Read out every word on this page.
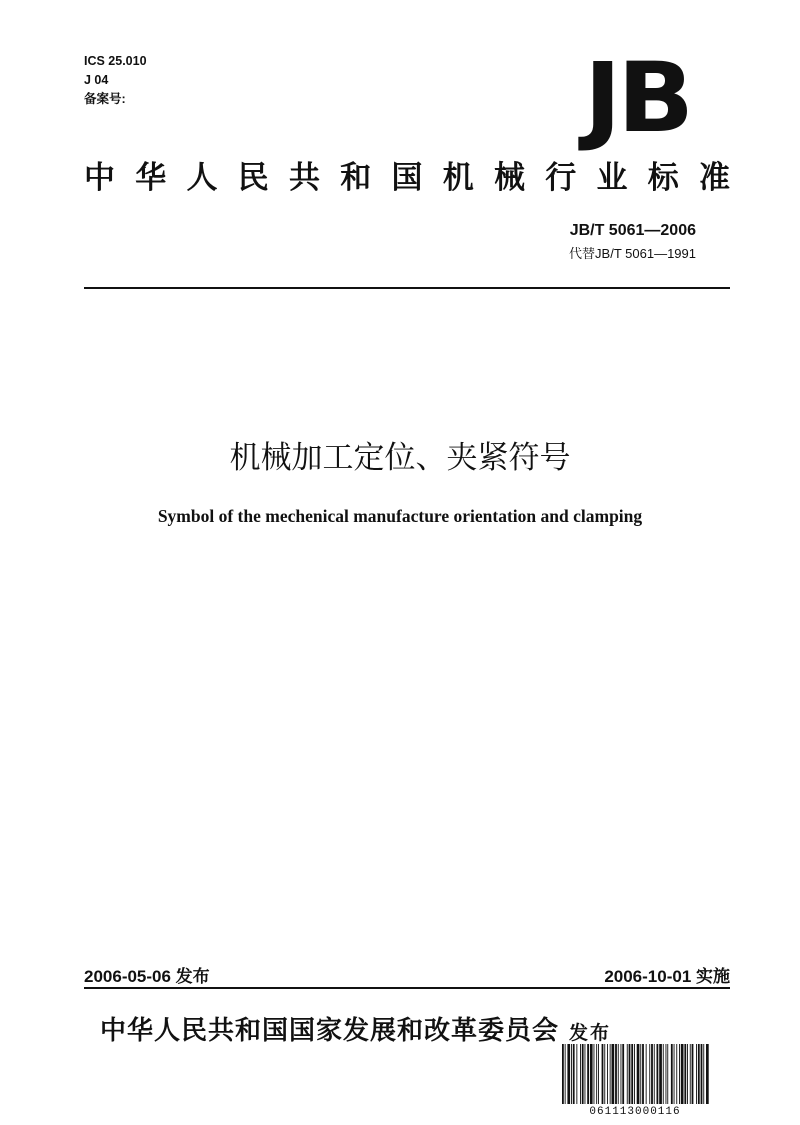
ICS 25.010
J 04
备案号:	JB
中 华 人 民 共 和 国 机 械 行 业 标 准
JB/T 5061—2006
代替JB/T 5061—1991
机械加工定位、夹紧符号
Symbol of the mechenical manufacture orientation and clamping
2006-05-06 发布	2006-10-01 实施
中华人民共和国国家发展和改革委员会 发布
061113000116
